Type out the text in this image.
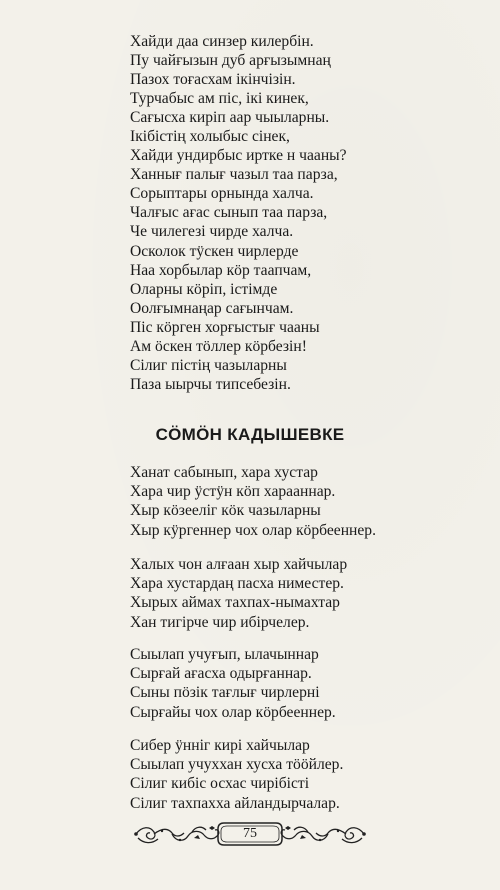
Хайди даа синзер килербін.
Пу чайғызын дуб арғызымнаң
Пазох тоғасхам ікінчізін.
Турчабыс ам піс, ікі кинек,
Сағысха киріп аар чыыларны.
Ікібістің холыбыс сінек,
Хайди ундирбыс иртке н чааны?
Ханнығ палығ чазыл таа парза,
Сорыптары орнында халча.
Чалғыс ағас сынып таа парза,
Че чилегезі чирде халча.
Осколок тӱскен чирлерде
Наа хорбылар кӧр таапчам,
Оларны кӧріп, істімде
Оолғымнаңар сағынчам.
Піс кӧрген хорғыстығ чааны
Ам ӧскен тӧллер кӧрбезін!
Сілиг пістің чазыларны
Паза ыырчы типсебезін.
СӦМӦН КАДЫШЕВКЕ
Ханат сабынып, хара хустар
Хара чир ӱстӱн кӧп харааннар.
Хыр кӧзееліг кӧк чазыларны
Хыр кӱргеннер чох олар кӧрбееннер.
Халых чон алғаан хыр хайчылар
Хара хустардаң пасха ниместер.
Хырых аймах тахпах-нымахтар
Хан тигірче чир ибірчелер.
Сыылап учуғып, ылачыннар
Сырғай ағасха одырғаннар.
Сыны пӧзік тағлығ чирлерні
Сырғайы чох олар кӧрбееннер.
Сибер ӱннiг кирі хайчылар
Сыылап учуххан хусха тӧӧйлер.
Сілиг кибіс осхас чирібісті
Сілиг тахпахха айландырчалар.
75
